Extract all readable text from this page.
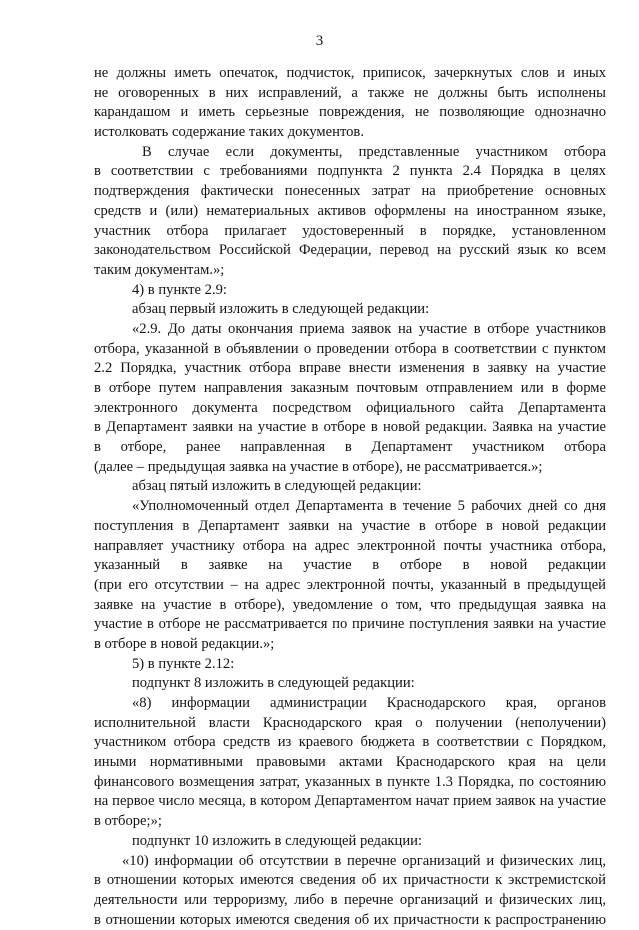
3
не должны иметь опечаток, подчисток, приписок, зачеркнутых слов и иных
не оговоренных в них исправлений, а также не должны быть исполнены
карандашом и иметь серьезные повреждения, не позволяющие однозначно
истолковать содержание таких документов.
В случае если документы, представленные участником отбора
в соответствии с требованиями подпункта 2 пункта 2.4 Порядка в целях
подтверждения фактически понесенных затрат на приобретение основных
средств и (или) нематериальных активов оформлены на иностранном языке,
участник отбора прилагает удостоверенный в порядке, установленном
законодательством Российской Федерации, перевод на русский язык ко всем
таким документам.»;
4) в пункте 2.9:
абзац первый изложить в следующей редакции:
«2.9. До даты окончания приема заявок на участие в отборе участников
отбора, указанной в объявлении о проведении отбора в соответствии с пунктом
2.2 Порядка, участник отбора вправе внести изменения в заявку на участие
в отборе путем направления заказным почтовым отправлением или в форме
электронного документа посредством официального сайта Департамента
в Департамент заявки на участие в отборе в новой редакции. Заявка на участие
в отборе, ранее направленная в Департамент участником отбора
(далее – предыдущая заявка на участие в отборе), не рассматривается.»;
абзац пятый изложить в следующей редакции:
«Уполномоченный отдел Департамента в течение 5 рабочих дней со дня
поступления в Департамент заявки на участие в отборе в новой редакции
направляет участнику отбора на адрес электронной почты участника отбора,
указанный в заявке на участие в отборе в новой редакции
(при его отсутствии – на адрес электронной почты, указанный в предыдущей
заявке на участие в отборе), уведомление о том, что предыдущая заявка на
участие в отборе не рассматривается по причине поступления заявки на участие
в отборе в новой редакции.»;
5) в пункте 2.12:
подпункт 8 изложить в следующей редакции:
«8) информации администрации Краснодарского края, органов
исполнительной власти Краснодарского края о получении (неполучении)
участником отбора средств из краевого бюджета в соответствии с Порядком,
иными нормативными правовыми актами Краснодарского края на цели
финансового возмещения затрат, указанных в пункте 1.3 Порядка, по состоянию
на первое число месяца, в котором Департаментом начат прием заявок на участие
в отборе;»;
подпункт 10 изложить в следующей редакции:
«10) информации об отсутствии в перечне организаций и физических лиц,
в отношении которых имеются сведения об их причастности к экстремистской
деятельности или терроризму, либо в перечне организаций и физических лиц,
в отношении которых имеются сведения об их причастности к распространению
